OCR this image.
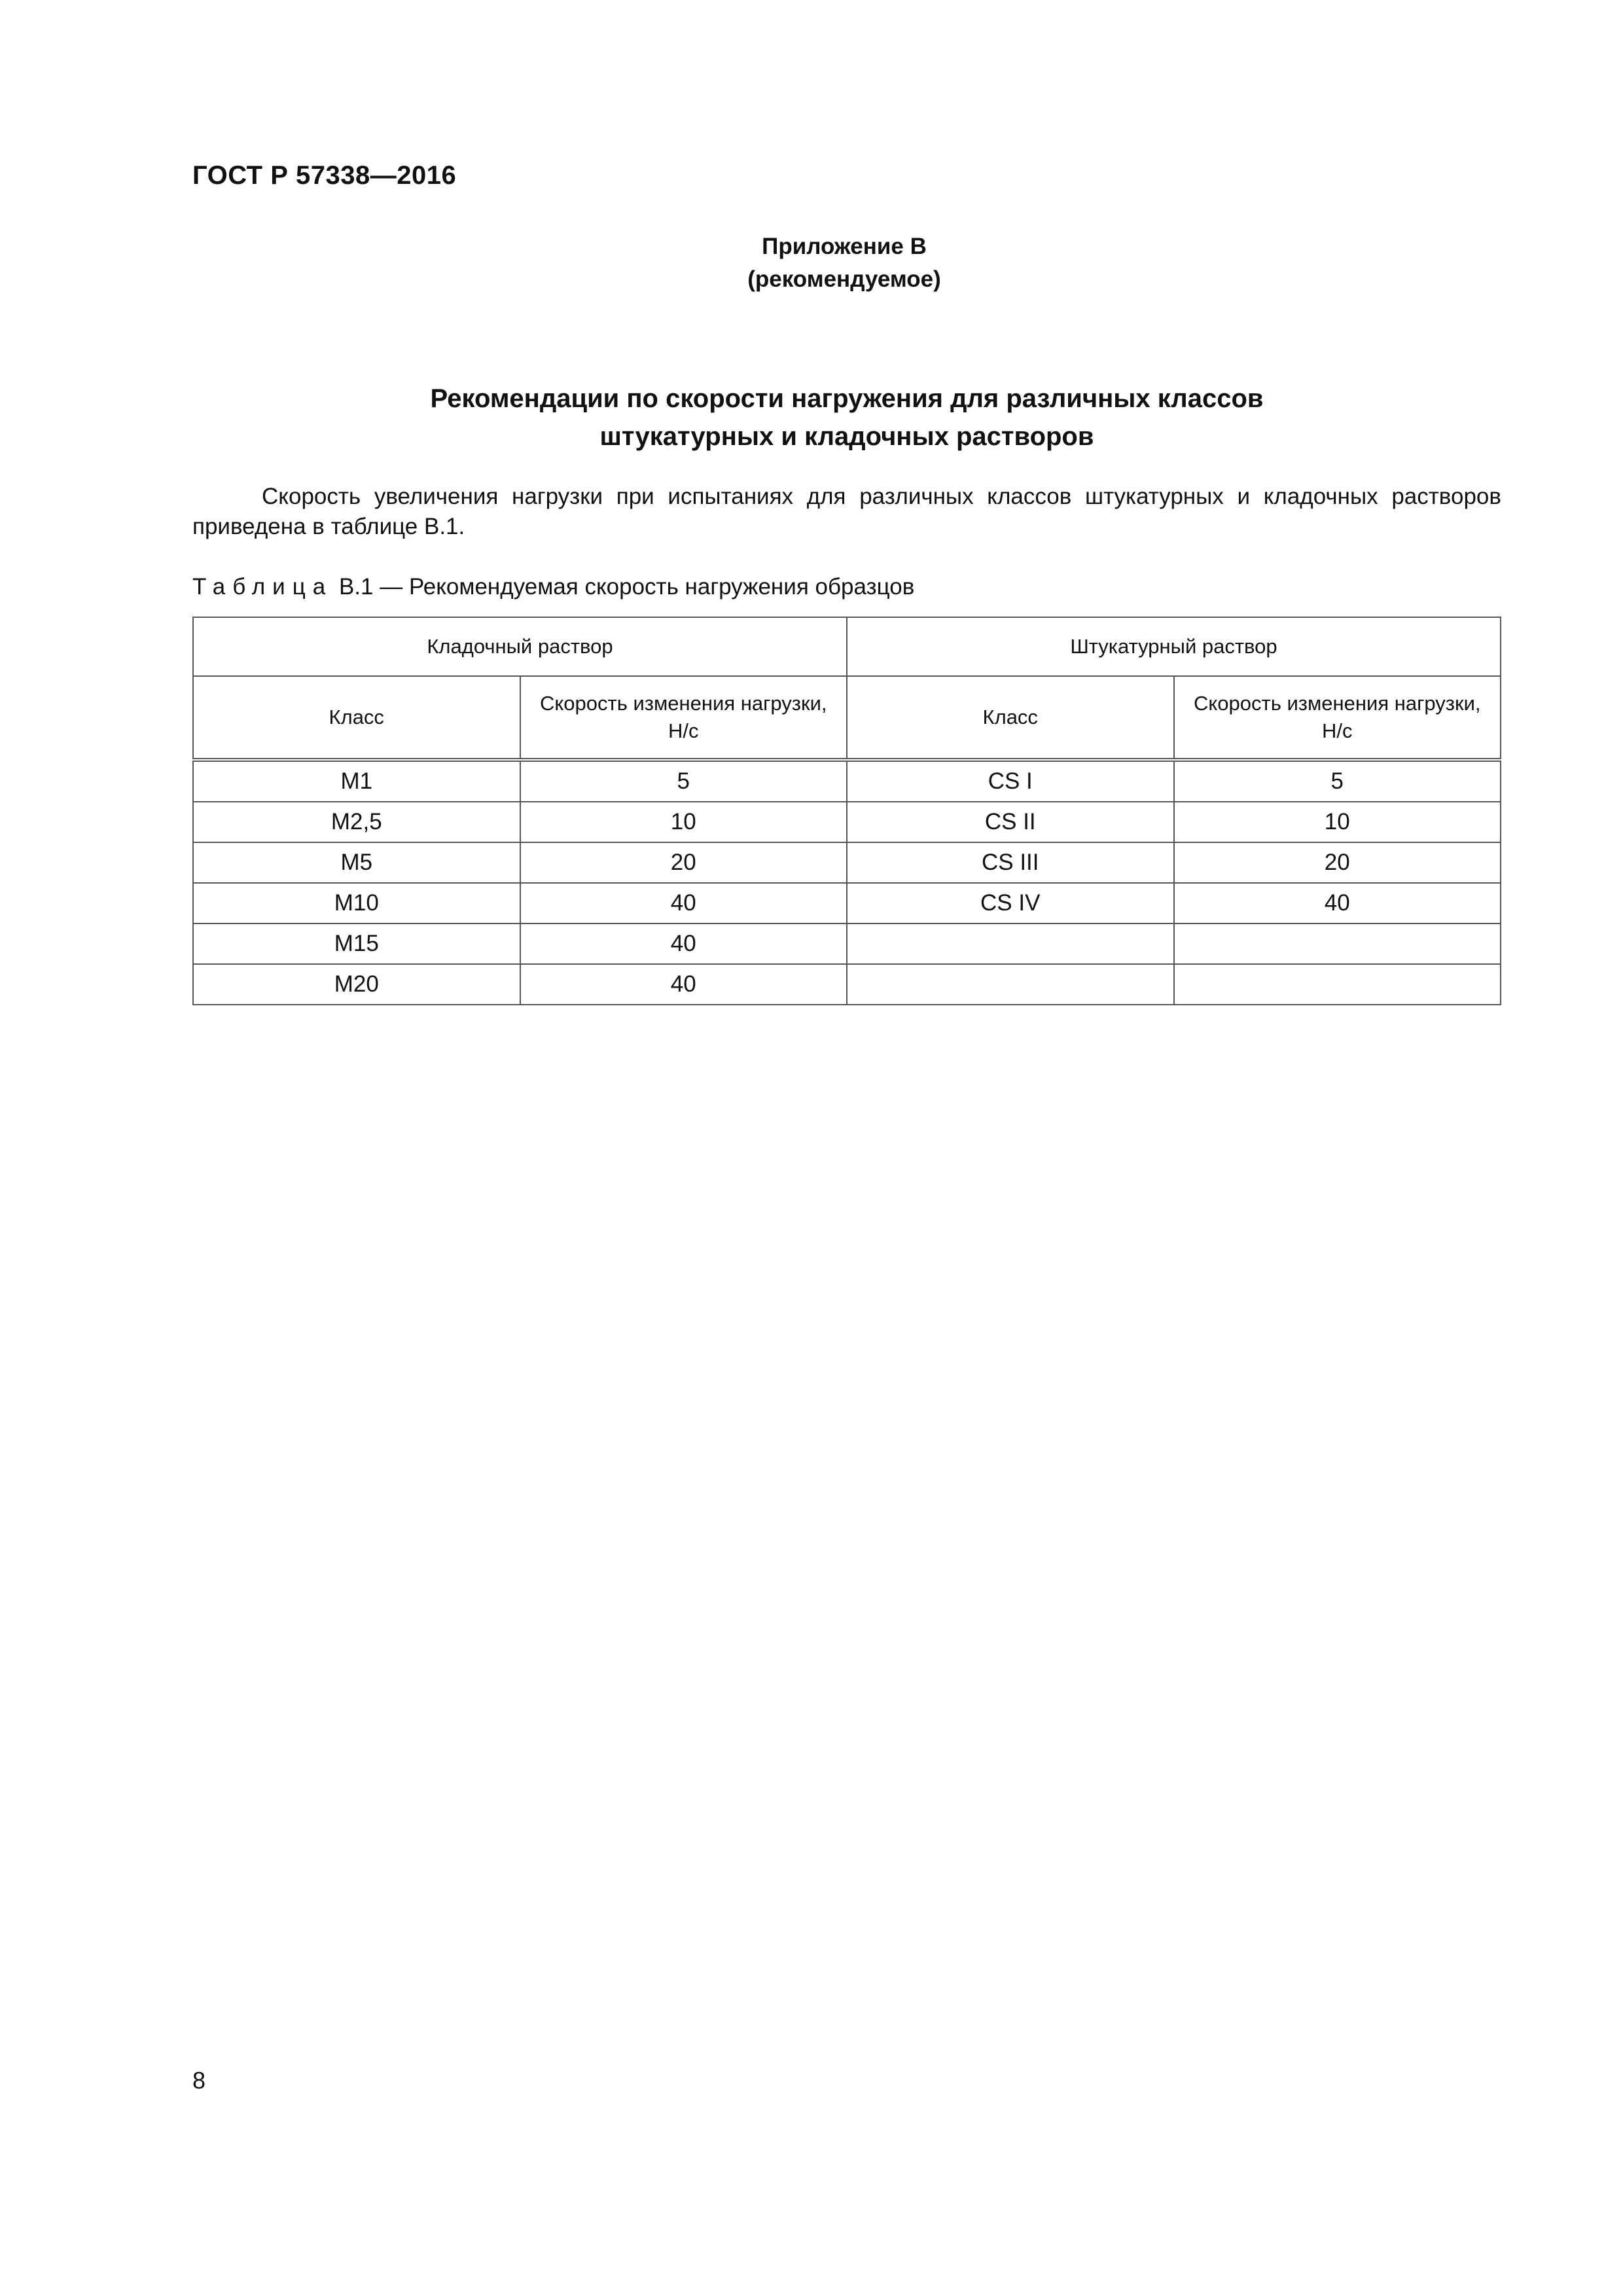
ГОСТ Р 57338—2016
Приложение В
(рекомендуемое)
Рекомендации по скорости нагружения для различных классов
штукатурных и кладочных растворов
Скорость увеличения нагрузки при испытаниях для различных классов штукатурных и кладочных растворов приведена в таблице В.1.
Таблица В.1 — Рекомендуемая скорость нагружения образцов
Кладочный раствор		Штукатурный раствор	
Класс	Скорость изменения нагрузки, Н/с	Класс	Скорость изменения нагрузки, Н/с
М1	5	CS I	5
М2,5	10	CS II	10
М5	20	CS III	20
М10	40	CS IV	40
М15	40		
М20	40		
8
